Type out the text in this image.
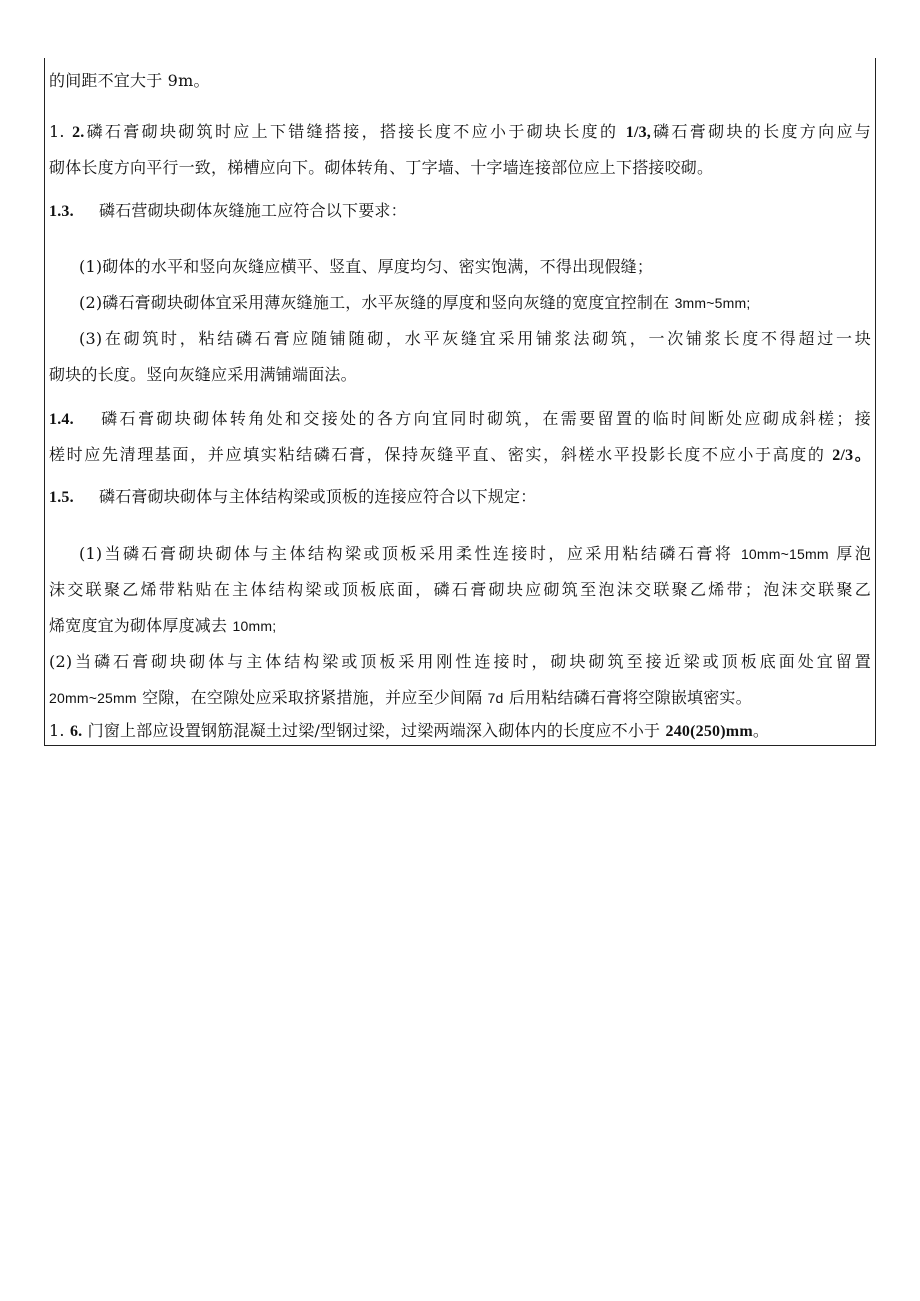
的间距不宜大于 9m。
1. 2.磷石膏砌块砌筑时应上下错缝搭接，搭接长度不应小于砌块长度的 1/3,磷石膏砌块的长度方向应与
砌体长度方向平行一致，梯槽应向下。砌体转角、丁字墙、十字墙连接部位应上下搭接咬砌。
1.3. 磷石营砌块砌体灰缝施工应符合以下要求：
(1)砌体的水平和竖向灰缝应横平、竖直、厚度均匀、密实饱满，不得出现假缝；
(2)磷石膏砌块砌体宜采用薄灰缝施工，水平灰缝的厚度和竖向灰缝的宽度宜控制在 3mm~5mm;
(3)在砌筑时，粘结磷石膏应随铺随砌，水平灰缝宜采用铺浆法砌筑，一次铺浆长度不得超过一块
砌块的长度。竖向灰缝应采用满铺端面法。
1.4. 磷石膏砌块砌体转角处和交接处的各方向宜同时砌筑，在需要留置的临时间断处应砌成斜槎；接
槎时应先清理基面，并应填实粘结磷石膏，保持灰缝平直、密实，斜槎水平投影长度不应小于高度的 2/3。
1.5. 磷石膏砌块砌体与主体结构梁或顶板的连接应符合以下规定：
(1)当磷石膏砌块砌体与主体结构梁或顶板采用柔性连接时，应采用粘结磷石膏将 10mm~15mm 厚泡
沫交联聚乙烯带粘贴在主体结构梁或顶板底面，磷石膏砌块应砌筑至泡沫交联聚乙烯带；泡沫交联聚乙
烯宽度宜为砌体厚度减去 10mm;
(2)当磷石膏砌块砌体与主体结构梁或顶板采用刚性连接时，砌块砌筑至接近梁或顶板底面处宜留置
20mm~25mm 空隙，在空隙处应采取挤紧措施，并应至少间隔 7d 后用粘结磷石膏将空隙嵌填密实。
1. 6. 门窗上部应设置钢筋混凝土过梁/型钢过梁，过梁两端深入砌体内的长度应不小于 240(250)mm。
